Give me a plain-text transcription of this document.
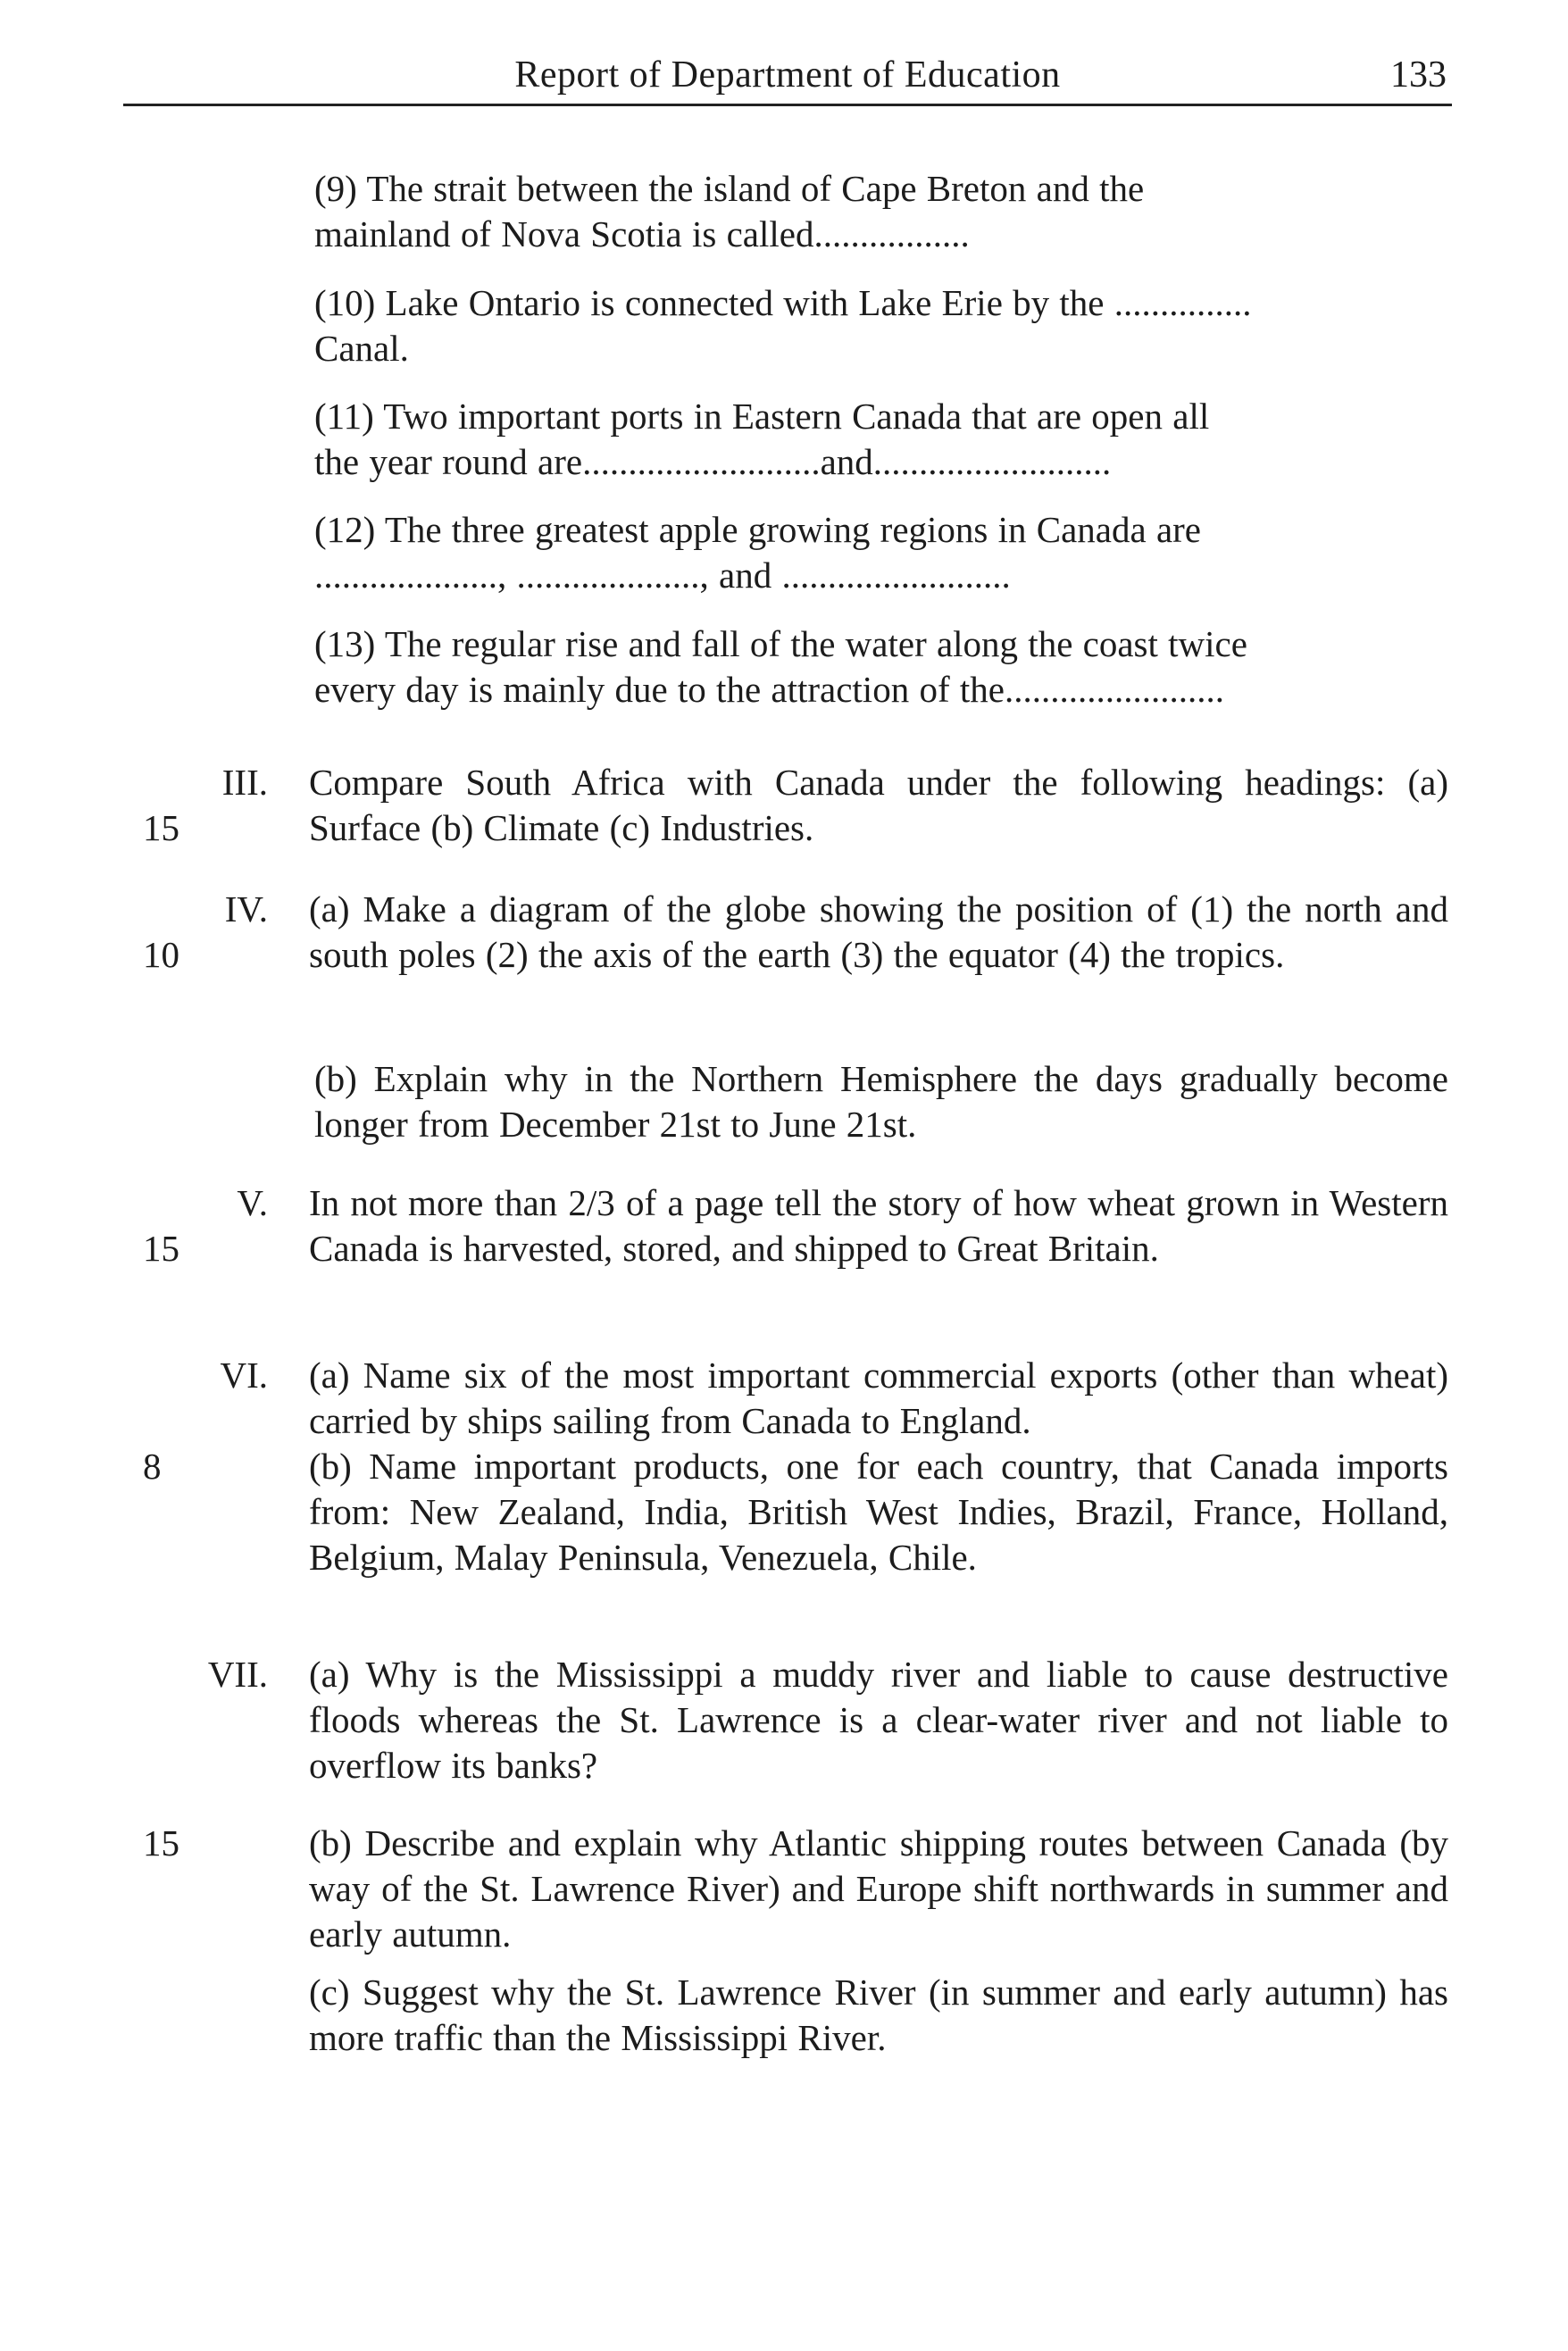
Report of Department of Education	133
(9) The strait between the island of Cape Breton and the
mainland of Nova Scotia is called.................
(10) Lake Ontario is connected with Lake Erie by the ...............
Canal.
(11) Two important ports in Eastern Canada that are open all
the year round are..........................and..........................
(12) The three greatest apple growing regions in Canada are
...................., ...................., and .........................
(13) The regular rise and fall of the water along the coast twice
every day is mainly due to the attraction of the........................
III.
15
Compare South Africa with Canada under the following headings: (a) Surface (b) Climate (c) Industries.
IV.
10
(a) Make a diagram of the globe showing the position of (1) the north and south poles (2) the axis of the earth (3) the equator (4) the tropics.
(b) Explain why in the Northern Hemisphere the days gradually become longer from December 21st to June 21st.
V.
15
In not more than 2/3 of a page tell the story of how wheat grown in Western Canada is harvested, stored, and shipped to Great Britain.
VI.
8
(a) Name six of the most important commercial exports (other than wheat) carried by ships sailing from Canada to England.
(b) Name important products, one for each country, that Canada imports from: New Zealand, India, British West Indies, Brazil, France, Holland, Belgium, Malay Peninsula, Venezuela, Chile.
VII.
15
(a) Why is the Mississippi a muddy river and liable to cause destructive floods whereas the St. Lawrence is a clear-water river and not liable to overflow its banks?
(b) Describe and explain why Atlantic shipping routes between Canada (by way of the St. Lawrence River) and Europe shift northwards in summer and early autumn.
(c) Suggest why the St. Lawrence River (in summer and early autumn) has more traffic than the Mississippi River.
